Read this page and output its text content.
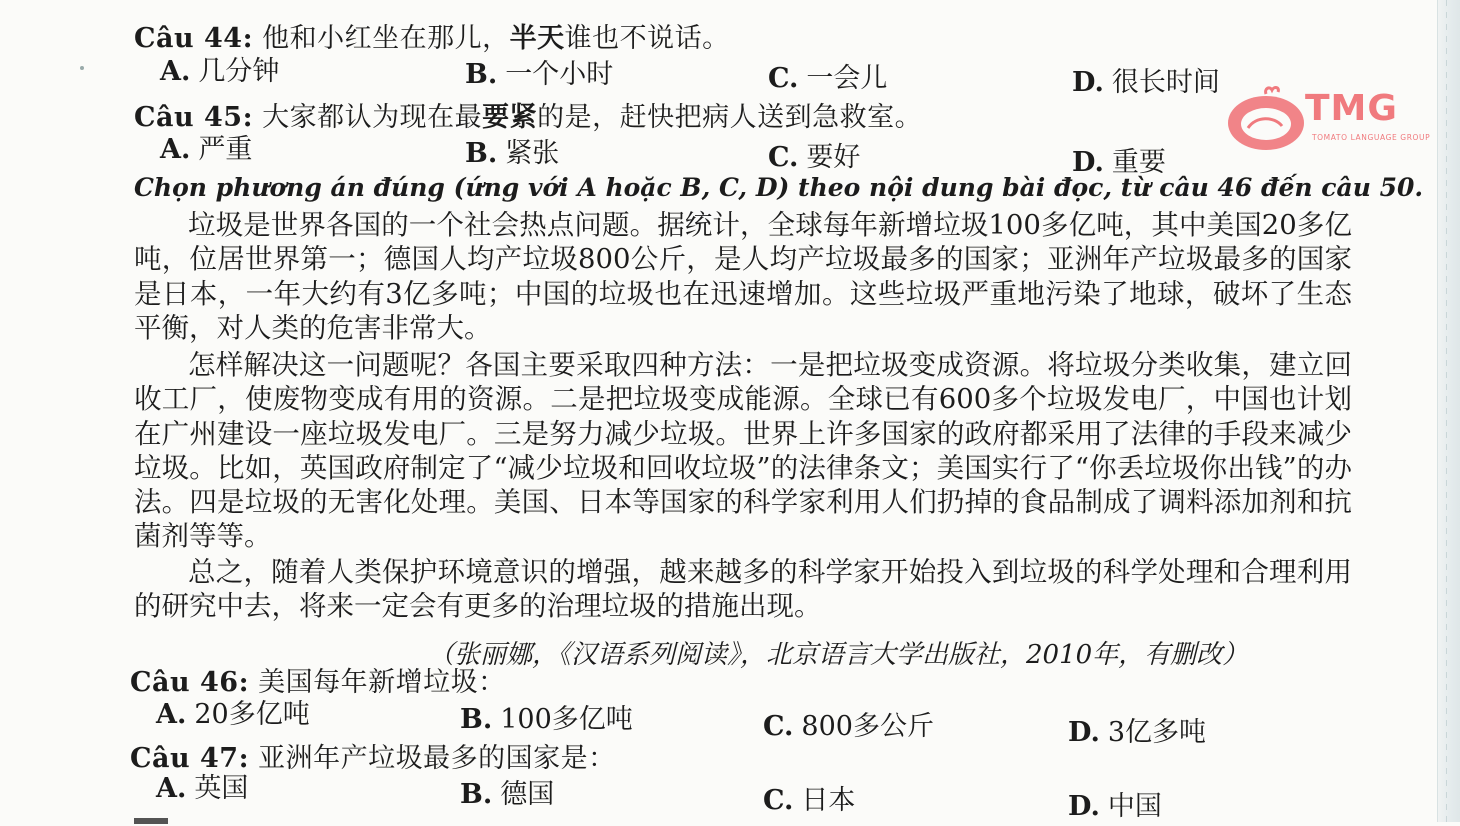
Câu 44: 他和小红坐在那儿，半天谁也不说话。
A. 几分钟	B. 一个小时	C. 一会儿	D. 很长时间
Câu 45: 大家都认为现在最要紧的是，赶快把病人送到急救室。
A. 严重	B. 紧张	C. 要好	D. 重要
Chọn phương án đúng (ứng với A hoặc B, C, D) theo nội dung bài đọc, từ câu 46 đến câu 50.
垃圾是世界各国的一个社会热点问题。据统计，全球每年新增垃圾100多亿吨，其中美国20多亿吨，位居世界第一；德国人均产垃圾800公斤，是人均产垃圾最多的国家；亚洲年产垃圾最多的国家是日本，一年大约有3亿多吨；中国的垃圾也在迅速增加。这些垃圾严重地污染了地球，破坏了生态平衡，对人类的危害非常大。
怎样解决这一问题呢？各国主要采取四种方法：一是把垃圾变成资源。将垃圾分类收集，建立回收工厂，使废物变成有用的资源。二是把垃圾变成能源。全球已有600多个垃圾发电厂，中国也计划在广州建设一座垃圾发电厂。三是努力减少垃圾。世界上许多国家的政府都采用了法律的手段来减少垃圾。比如，英国政府制定了“减少垃圾和回收垃圾”的法律条文；美国实行了“你丢垃圾你出钱”的办法。四是垃圾的无害化处理。美国、日本等国家的科学家利用人们扔掉的食品制成了调料添加剂和抗菌剂等等。
总之，随着人类保护环境意识的增强，越来越多的科学家开始投入到垃圾的科学处理和合理利用的研究中去，将来一定会有更多的治理垃圾的措施出现。
（张丽娜，《汉语系列阅读》，北京语言大学出版社，2010年，有删改）
Câu 46: 美国每年新增垃圾：
A. 20多亿吨	B. 100多亿吨	C. 800多公斤	D. 3亿多吨
Câu 47: 亚洲年产垃圾最多的国家是：
A. 英国	B. 德国	C. 日本	D. 中国
TMG
TOMATO LANGUAGE GROUP
